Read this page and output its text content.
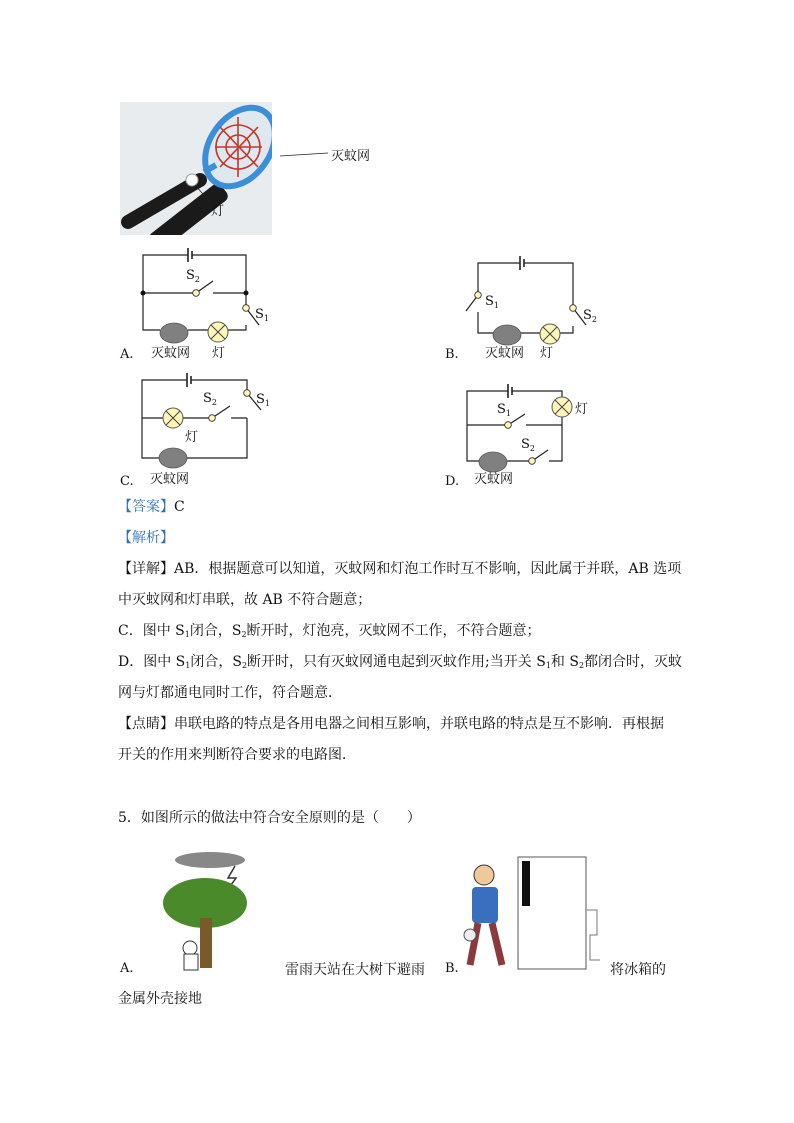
灭蚊网
灯
$S_2$
$S_1$
A. 灭蚊网 灯
$S_1$
$S_2$
B. 灭蚊网 灯
$S_2$	$S_1$
灯
C. 灭蚊网
$S_1$
$S_2$
灯
D. 灭蚊网
【答案】C
【解析】
【详解】AB．根据题意可以知道，灭蚊网和灯泡工作时互不影响，因此属于并联，AB 选项
中灭蚊网和灯串联，故 AB 不符合题意；
C．图中 $S_1$闭合，$S_2$断开时，灯泡亮，灭蚊网不工作，不符合题意；
D．图中 $S_1$闭合，$S_2$断开时，只有灭蚊网通电起到灭蚊作用;当开关 $S_1$和 $S_2$都闭合时，灭蚊
网与灯都通电同时工作，符合题意．
【点睛】串联电路的特点是各用电器之间相互影响，并联电路的特点是互不影响．再根据
开关的作用来判断符合要求的电路图．
5．如图所示的做法中符合安全原则的是（　　）
A.	雷雨天站在大树下避雨 B.	将冰箱的
金属外壳接地
